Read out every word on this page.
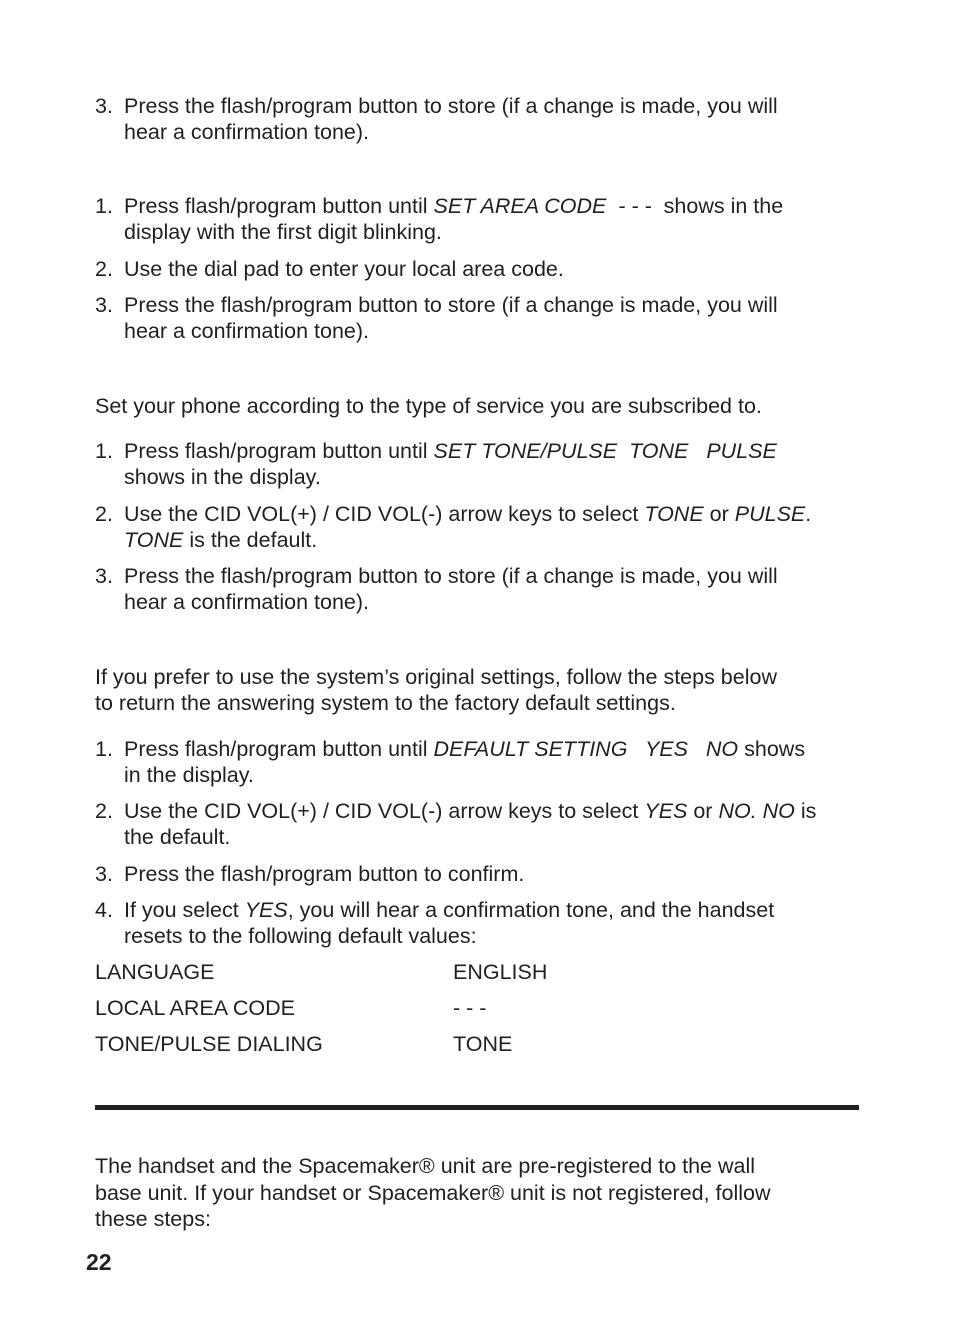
3. Press the flash/program button to store (if a change is made, you will
hear a confirmation tone).
1. Press flash/program button until SET AREA CODE  - - -  shows in the
display with the first digit blinking.
2. Use the dial pad to enter your local area code.
3. Press the flash/program button to store (if a change is made, you will
hear a confirmation tone).
Set your phone according to the type of service you are subscribed to.
1. Press flash/program button until SET TONE/PULSE  TONE   PULSE
shows in the display.
2. Use the CID VOL(+) / CID VOL(-) arrow keys to select TONE or PULSE.
TONE is the default.
3. Press the flash/program button to store (if a change is made, you will
hear a confirmation tone).
If you prefer to use the system’s original settings, follow the steps below
to return the answering system to the factory default settings.
1. Press flash/program button until DEFAULT SETTING   YES   NO shows
in the display.
2. Use the CID VOL(+) / CID VOL(-) arrow keys to select YES or NO. NO is
the default.
3. Press the flash/program button to confirm.
4. If you select YES, you will hear a confirmation tone, and the handset
resets to the following default values:
LANGUAGE	ENGLISH
LOCAL AREA CODE	- - -
TONE/PULSE DIALING	TONE
The handset and the Spacemaker® unit are pre-registered to the wall
base unit. If your handset or Spacemaker® unit is not registered, follow
these steps:
22
